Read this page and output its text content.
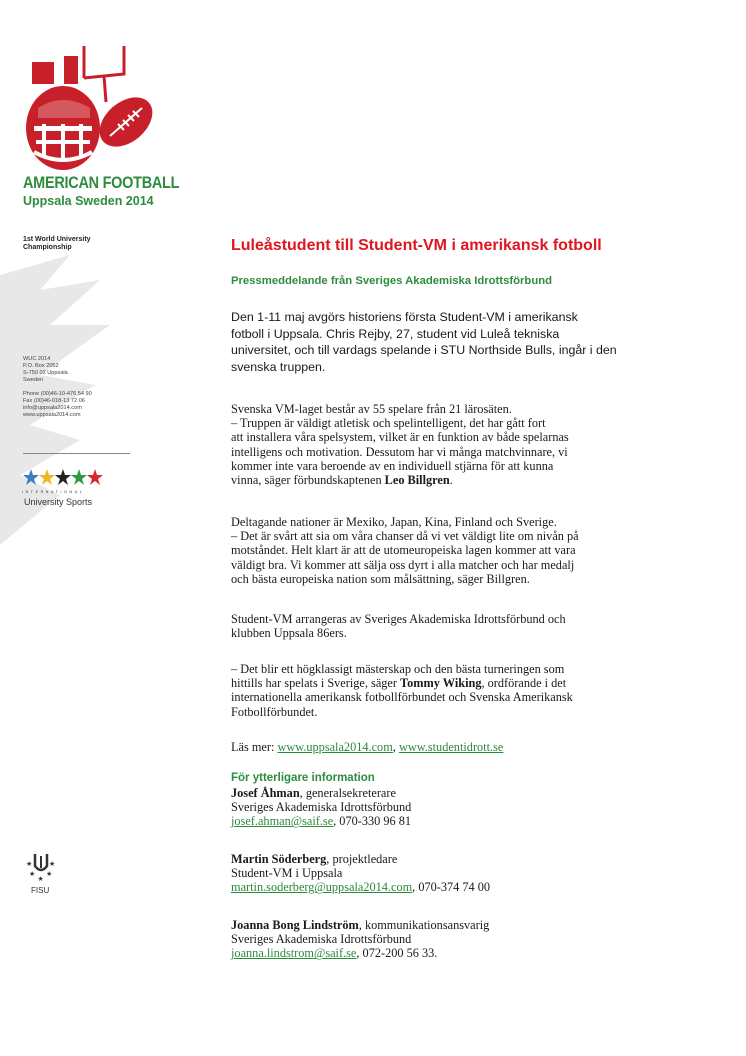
AMERICAN FOOTBALL
Uppsala Sweden 2014
1st World University Championship
WUC 2014
P.O. Box 2052
S-750 02 Uppsala
Sweden
Phone (00)46-10-476 54 90
Fax (00)46-018-13 72 06
info@uppsala2014.com
www.uppsala2014.com
INTERNATIONAL
University Sports
★ ★
★ ★
★
FISU
Luleåstudent till Student-VM i amerikansk fotboll
Pressmeddelande från Sveriges Akademiska Idrottsförbund
Den 1-11 maj avgörs historiens första Student-VM i amerikansk
fotboll i Uppsala. Chris Rejby, 27, student vid Luleå tekniska
universitet, och till vardags spelande i STU Northside Bulls, ingår i den
svenska truppen.
Svenska VM-laget består av 55 spelare från 21 lärosäten.
– Truppen är väldigt atletisk och spelintelligent, det har gått fort
att installera våra spelsystem, vilket är en funktion av både spelarnas
intelligens och motivation. Dessutom har vi många matchvinnare, vi
kommer inte vara beroende av en individuell stjärna för att kunna
vinna, säger förbundskaptenen Leo Billgren.
Deltagande nationer är Mexiko, Japan, Kina, Finland och Sverige.
– Det är svårt att sia om våra chanser då vi vet väldigt lite om nivån på
motståndet. Helt klart är att de utomeuropeiska lagen kommer att vara
väldigt bra. Vi kommer att sälja oss dyrt i alla matcher och har medalj
och bästa europeiska nation som målsättning, säger Billgren.
Student-VM arrangeras av Sveriges Akademiska Idrottsförbund och
klubben Uppsala 86ers.
– Det blir ett högklassigt mästerskap och den bästa turneringen som
hittills har spelats i Sverige, säger Tommy Wiking, ordförande i det
internationella amerikansk fotbollförbundet och Svenska Amerikansk
Fotbollförbundet.
Läs mer: www.uppsala2014.com, www.studentidrott.se
För ytterligare information
Josef Åhman, generalsekreterare
Sveriges Akademiska Idrottsförbund
josef.ahman@saif.se, 070-330 96 81
Martin Söderberg, projektledare
Student-VM i Uppsala
martin.soderberg@uppsala2014.com, 070-374 74 00
Joanna Bong Lindström, kommunikationsansvarig
Sveriges Akademiska Idrottsförbund
joanna.lindstrom@saif.se, 072-200 56 33.
